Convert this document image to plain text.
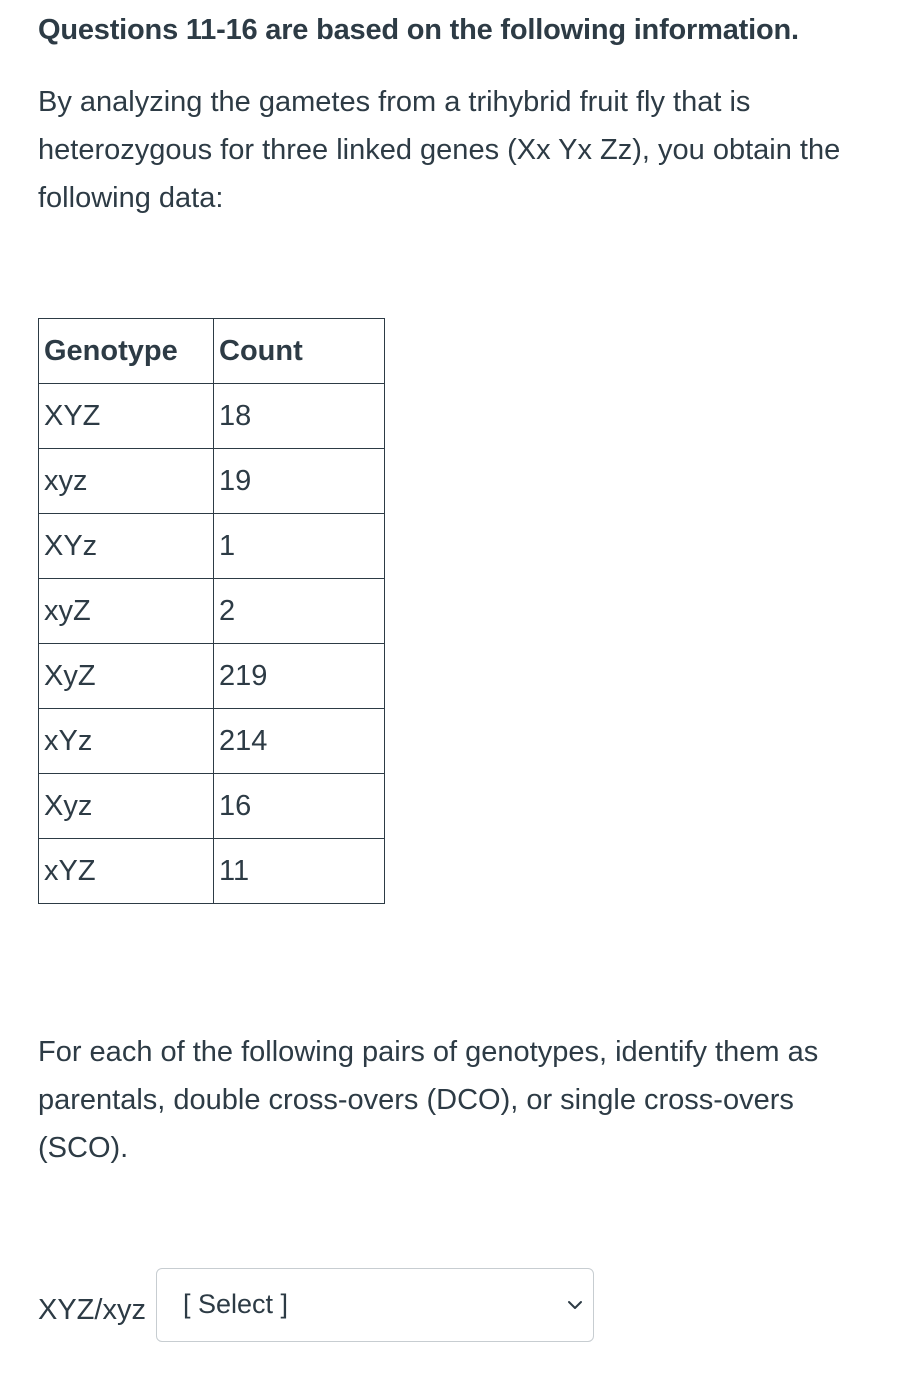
Questions 11-16 are based on the following information.

By analyzing the gametes from a trihybrid fruit fly that is heterozygous for three linked genes (Xx Yx Zz), you obtain the following data:

Genotype	Count
XYZ	18
xyz	19
XYz	1
xyZ	2
XyZ	219
xYz	214
Xyz	16
xYZ	11

For each of the following pairs of genotypes, identify them as parentals, double cross-overs (DCO), or single cross-overs (SCO).

XYZ/xyz [ Select ]
